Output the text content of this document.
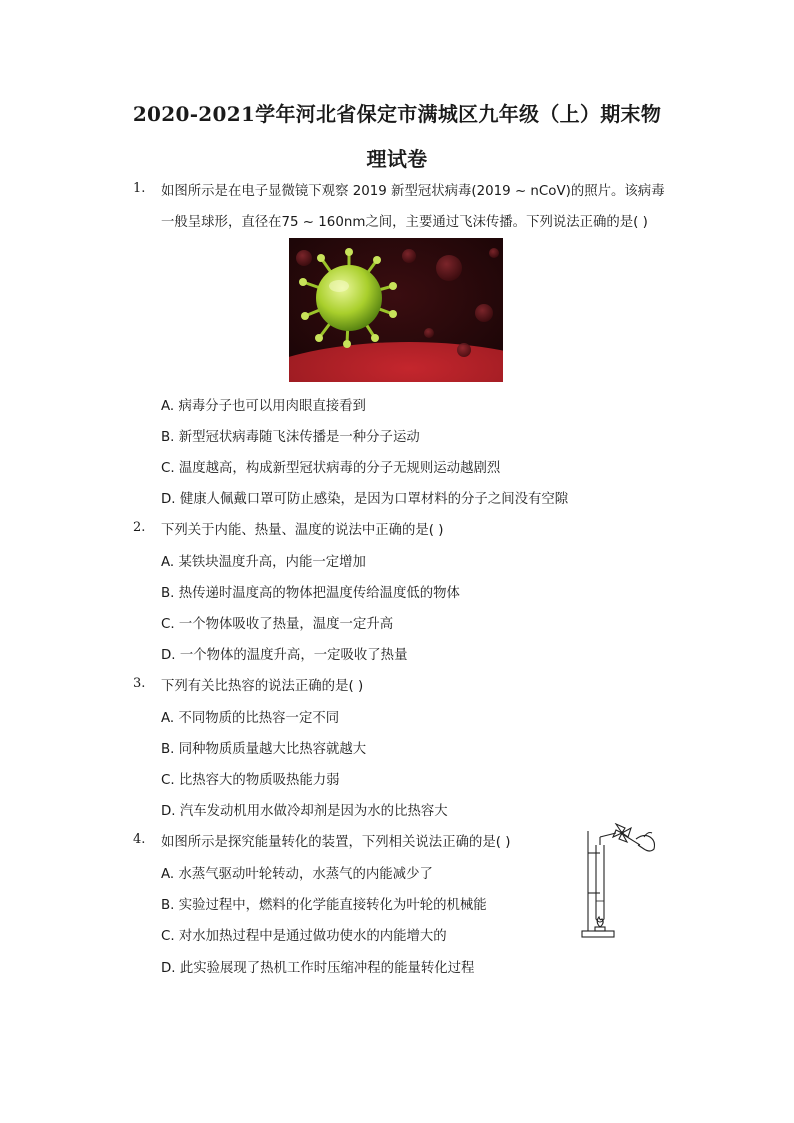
2020-2021学年河北省保定市满城区九年级（上）期末物
理试卷
1. 如图所示是在电子显微镜下观察 2019 新型冠状病毒(2019 ~ nCoV)的照片。该病毒
一般呈球形，直径在75 ~ 160nm之间，主要通过飞沫传播。下列说法正确的是( )
A. 病毒分子也可以用肉眼直接看到
B. 新型冠状病毒随飞沫传播是一种分子运动
C. 温度越高，构成新型冠状病毒的分子无规则运动越剧烈
D. 健康人佩戴口罩可防止感染，是因为口罩材料的分子之间没有空隙
2. 下列关于内能、热量、温度的说法中正确的是( )
A. 某铁块温度升高，内能一定增加
B. 热传递时温度高的物体把温度传给温度低的物体
C. 一个物体吸收了热量，温度一定升高
D. 一个物体的温度升高，一定吸收了热量
3. 下列有关比热容的说法正确的是( )
A. 不同物质的比热容一定不同
B. 同种物质质量越大比热容就越大
C. 比热容大的物质吸热能力弱
D. 汽车发动机用水做冷却剂是因为水的比热容大
4. 如图所示是探究能量转化的装置，下列相关说法正确的是( )
A. 水蒸气驱动叶轮转动，水蒸气的内能减少了
B. 实验过程中，燃料的化学能直接转化为叶轮的机械能
C. 对水加热过程中是通过做功使水的内能增大的
D. 此实验展现了热机工作时压缩冲程的能量转化过程
